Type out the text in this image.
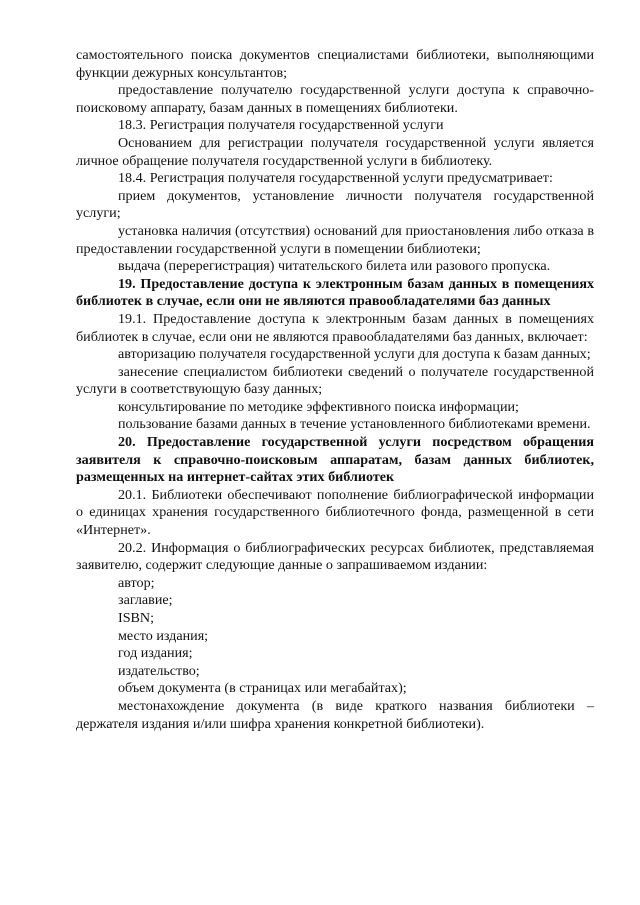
самостоятельного поиска документов специалистами библиотеки, выполняющими функции дежурных консультантов;

предоставление получателю государственной услуги доступа к справочно-поисковому аппарату, базам данных в помещениях библиотеки.

18.3. Регистрация получателя государственной услуги

Основанием для регистрации получателя государственной услуги является личное обращение получателя государственной услуги в библиотеку.

18.4. Регистрация получателя государственной услуги предусматривает:

прием документов, установление личности получателя государственной услуги;

установка наличия (отсутствия) оснований для приостановления либо отказа в предоставлении государственной услуги в помещении библиотеки;

выдача (перерегистрация) читательского билета или разового пропуска.

19. Предоставление доступа к электронным базам данных в помещениях библиотек в случае, если они не являются правообладателями баз данных

19.1. Предоставление доступа к электронным базам данных в помещениях библиотек в случае, если они не являются правообладателями баз данных, включает:

авторизацию получателя государственной услуги для доступа к базам данных;

занесение специалистом библиотеки сведений о получателе государственной услуги в соответствующую базу данных;

консультирование по методике эффективного поиска информации;

пользование базами данных в течение установленного библиотеками времени.

20. Предоставление государственной услуги посредством обращения заявителя к справочно-поисковым аппаратам, базам данных библиотек, размещенных на интернет-сайтах этих библиотек

20.1. Библиотеки обеспечивают пополнение библиографической информации о единицах хранения государственного библиотечного фонда, размещенной в сети «Интернет».

20.2. Информация о библиографических ресурсах библиотек, представляемая заявителю, содержит следующие данные о запрашиваемом издании:

автор;

заглавие;

ISBN;

место издания;

год издания;

издательство;

объем документа (в страницах или мегабайтах);

местонахождение документа (в виде краткого названия библиотеки – держателя издания и/или шифра хранения конкретной библиотеки).
